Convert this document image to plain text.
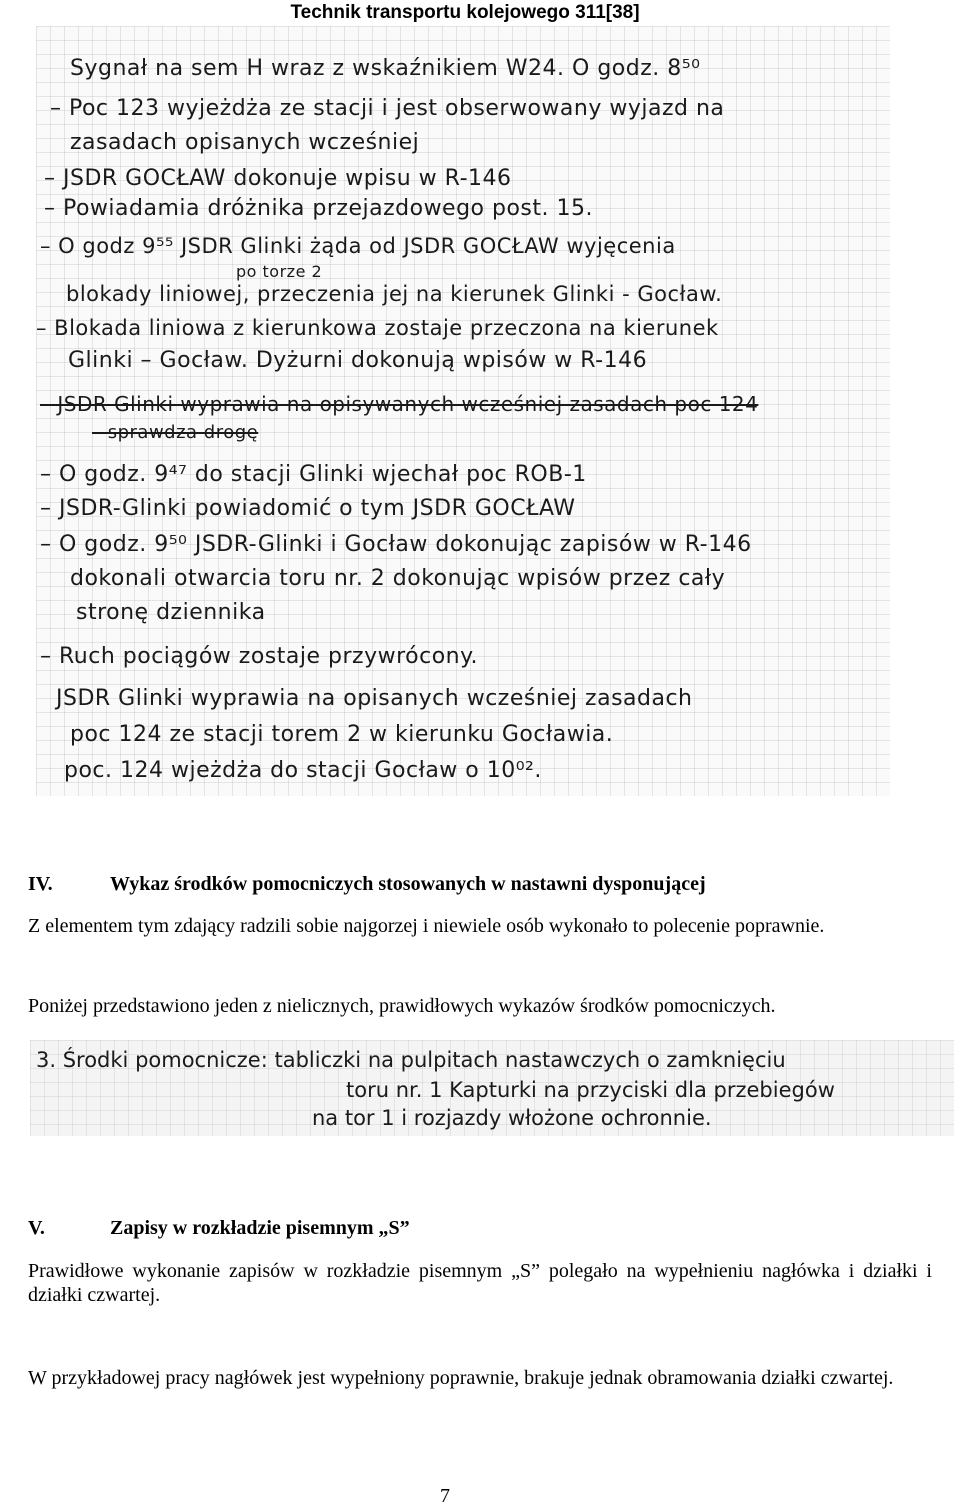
Technik transportu kolejowego 311[38]
Sygnał na sem H wraz z wskaźnikiem W24. O godz. 8⁵⁰
– Poc 123 wyjeżdża ze stacji i jest obserwowany wyjazd na
zasadach opisanych wcześniej
– JSDR GOCŁAW dokonuje wpisu w R-146
– Powiadamia dróżnika przejazdowego post. 15.
– O godz 9⁵⁵ JSDR Glinki żąda od JSDR GOCŁAW wyjęcenia
po torze 2
blokady liniowej, przeczenia jej na kierunek Glinki - Gocław.
– Blokada liniowa z kierunkowa zostaje przeczona na kierunek
Glinki – Gocław. Dyżurni dokonują wpisów w R-146
– JSDR Glinki wyprawia na opisywanych wcześniej zasadach poc 124
– sprawdza drogę
– O godz. 9⁴⁷ do stacji Glinki wjechał poc ROB-1
– JSDR-Glinki powiadomić o tym JSDR GOCŁAW
– O godz. 9⁵⁰ JSDR-Glinki i Gocław dokonując zapisów w R-146
dokonali otwarcia toru nr. 2 dokonując wpisów przez cały
stronę dziennika
– Ruch pociągów zostaje przywrócony.
JSDR Glinki wyprawia na opisanych wcześniej zasadach
poc 124 ze stacji torem 2 w kierunku Gocławia.
poc. 124 wjeżdża do stacji Gocław o 10⁰².
IV.	Wykaz środków pomocniczych stosowanych w nastawni dysponującej
Z elementem tym zdający radzili sobie najgorzej i niewiele osób wykonało to polecenie poprawnie.
Poniżej przedstawiono jeden z nielicznych, prawidłowych wykazów środków pomocniczych.
3. Środki pomocnicze: tabliczki na pulpitach nastawczych o zamknięciu
toru nr. 1 Kapturki na przyciski dla przebiegów
na tor 1 i rozjazdy włożone ochronnie.
V.	Zapisy w rozkładzie pisemnym „S”
Prawidłowe wykonanie zapisów w rozkładzie pisemnym „S” polegało na wypełnieniu nagłówka i działki i działki czwartej.
W przykładowej pracy nagłówek jest wypełniony poprawnie, brakuje jednak obramowania działki czwartej.
7
